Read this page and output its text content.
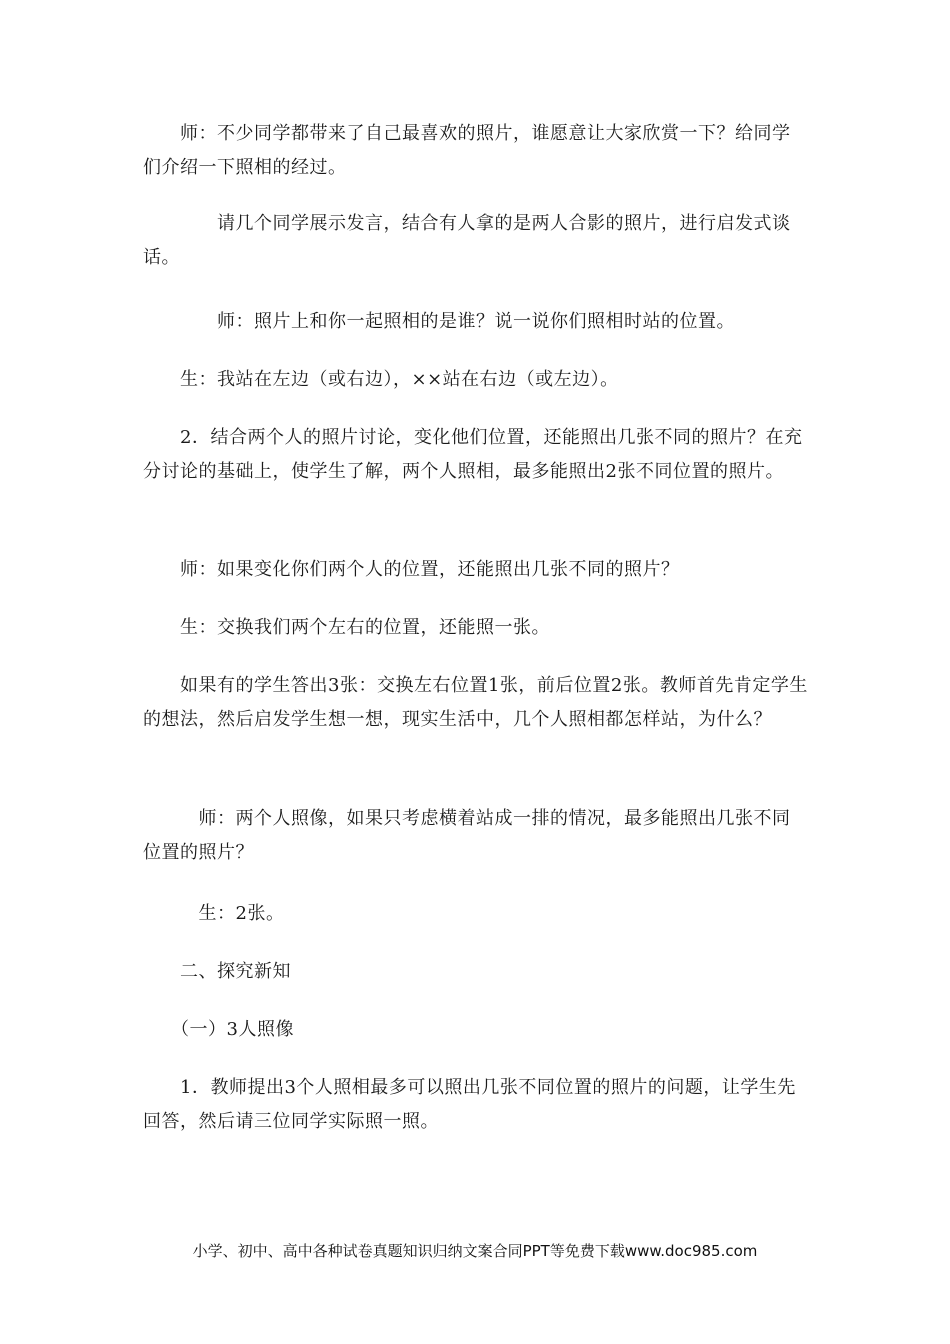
　　师：不少同学都带来了自己最喜欢的照片，谁愿意让大家欣赏一下？给同学们介绍一下照相的经过。

　　　　请几个同学展示发言，结合有人拿的是两人合影的照片，进行启发式谈话。

　　　　师：照片上和你一起照相的是谁？说一说你们照相时站的位置。

　　生：我站在左边（或右边），××站在右边（或左边）。

　　2．结合两个人的照片讨论，变化他们位置，还能照出几张不同的照片？在充分讨论的基础上，使学生了解，两个人照相，最多能照出2张不同位置的照片。

　　师：如果变化你们两个人的位置，还能照出几张不同的照片？

　　生：交换我们两个左右的位置，还能照一张。

　　如果有的学生答出3张：交换左右位置1张，前后位置2张。教师首先肯定学生的想法，然后启发学生想一想，现实生活中，几个人照相都怎样站，为什么？

　　　师：两个人照像，如果只考虑横着站成一排的情况，最多能照出几张不同位置的照片？

　　　生：2张。

　　二、探究新知

　　（一）3人照像

　　1．教师提出3个人照相最多可以照出几张不同位置的照片的问题，让学生先回答，然后请三位同学实际照一照。

小学、初中、高中各种试卷真题知识归纳文案合同PPT等免费下载www.doc985.com
